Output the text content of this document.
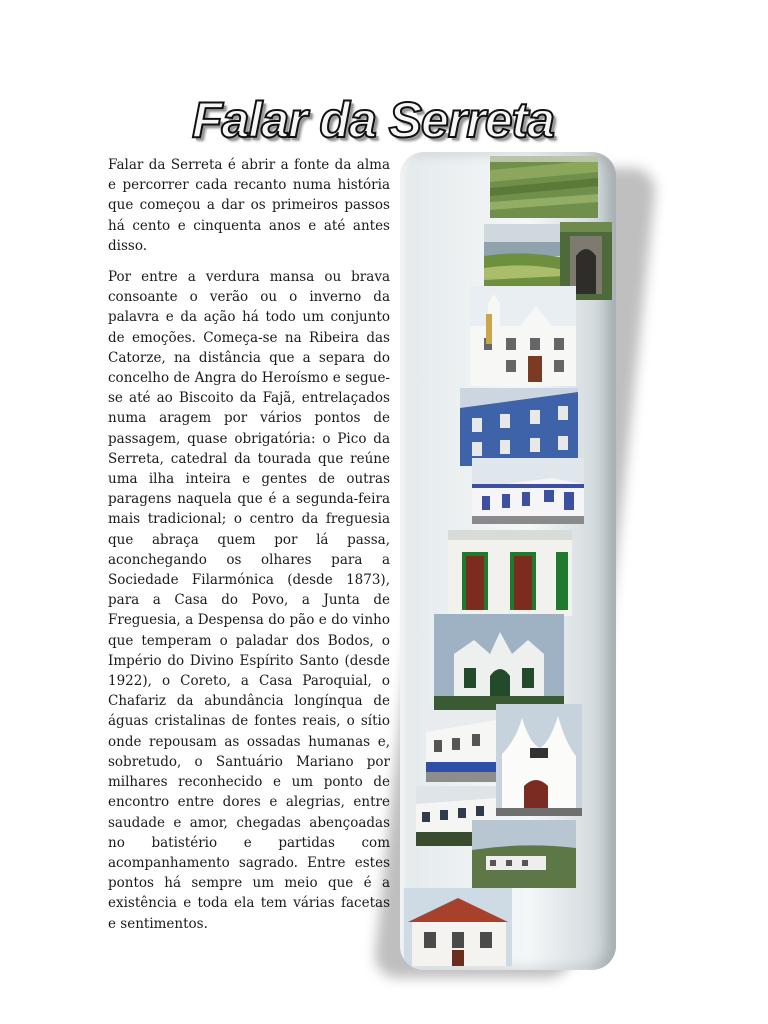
Falar da Serreta

Falar da Serreta é abrir a fonte da alma e percorrer cada recanto numa história que começou a dar os primeiros passos há cento e cinquenta anos e até antes disso.

Por entre a verdura mansa ou brava consoante o verão ou o inverno da palavra e da ação há todo um conjunto de emoções. Começa-se na Ribeira das Catorze, na distância que a separa do concelho de Angra do Heroísmo e segue-se até ao Biscoito da Fajã, entrelaçados numa aragem por vários pontos de passagem, quase obrigatória: o Pico da Serreta, catedral da tourada que reúne uma ilha inteira e gentes de outras paragens naquela que é a segunda-feira mais tradicional; o centro da freguesia que abraça quem por lá passa, aconchegando os olhares para a Sociedade Filarmónica (desde 1873), para a Casa do Povo, a Junta de Freguesia, a Despensa do pão e do vinho que temperam o paladar dos Bodos, o Império do Divino Espírito Santo (desde 1922), o Coreto, a Casa Paroquial, o Chafariz da abundância longínqua de águas cristalinas de fontes reais, o sítio onde repousam as ossadas humanas e, sobretudo, o Santuário Mariano por milhares reconhecido e um ponto de encontro entre dores e alegrias, entre saudade e amor, chegadas abençoadas no batistério e partidas com acompanhamento sagrado. Entre estes pontos há sempre um meio que é a existência e toda ela tem várias facetas e sentimentos.
